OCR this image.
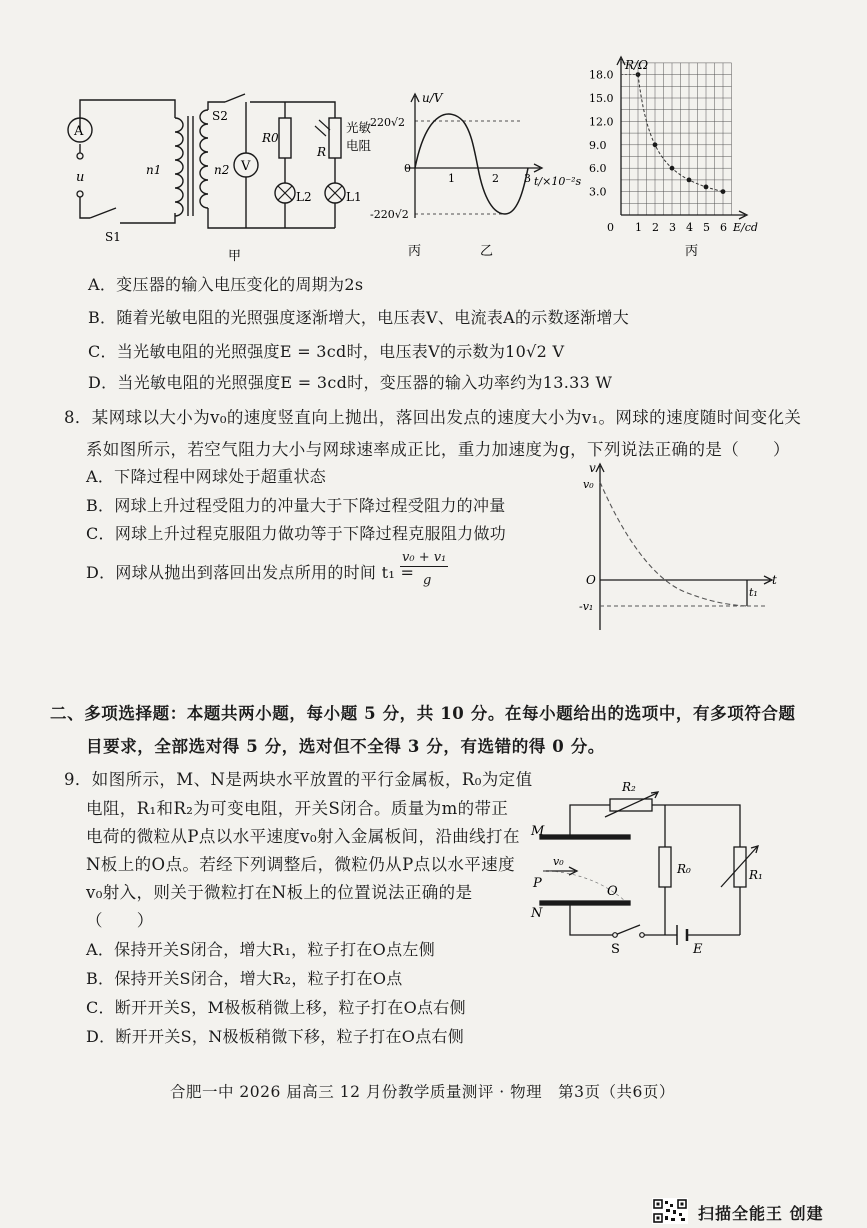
A
u
S1
n1	n2
S2
V
R0
L2
R
光敏
电阻
L1
甲
u/V
220√2
-220√2
0
1	2 3 t/×10⁻²s
丙	乙
18.0
15.0
12.0
9.0
6.0
3.0
1 2 3 4 5 6
R/Ω
0	E/cd
丙
A．变压器的输入电压变化的周期为2s
B．随着光敏电阻的光照强度逐渐增大，电压表V、电流表A的示数逐渐增大
C．当光敏电阻的光照强度E = 3cd时，电压表V的示数为10√2 V
D．当光敏电阻的光照强度E = 3cd时，变压器的输入功率约为13.33 W
8．某网球以大小为v₀的速度竖直向上抛出，落回出发点的速度大小为v₁。网球的速度随时间变化关
系如图所示，若空气阻力大小与网球速率成正比，重力加速度为g，下列说法正确的是（　　）
A．下降过程中网球处于超重状态
B．网球上升过程受阻力的冲量大于下降过程受阻力的冲量
C．网球上升过程克服阻力做功等于下降过程克服阻力做功
D．网球从抛出到落回出发点所用的时间 t₁ =
v₀ + v₁
g
v
v₀
O	t
t₁
-v₁
二、多项选择题：本题共两小题，每小题 5 分，共 10 分。在每小题给出的选项中，有多项符合题
目要求，全部选对得 5 分，选对但不全得 3 分，有选错的得 0 分。
9．如图所示，M、N是两块水平放置的平行金属板，R₀为定值
电阻，R₁和R₂为可变电阻，开关S闭合。质量为m的带正
电荷的微粒从P点以水平速度v₀射入金属板间，沿曲线打在
N板上的O点。若经下列调整后，微粒仍从P点以水平速度
v₀射入，则关于微粒打在N板上的位置说法正确的是
（　　）
A．保持开关S闭合，增大R₁，粒子打在O点左侧
B．保持开关S闭合，增大R₂，粒子打在O点
C．断开开关S，M极板稍微上移，粒子打在O点右侧
D．断开开关S，N极板稍微下移，粒子打在O点右侧
M
N
P
v₀
O
R₂
R₀	R₁
S	E
合肥一中 2026 届高三 12 月份教学质量测评 · 物理　第3页（共6页）
扫描全能王 创建
